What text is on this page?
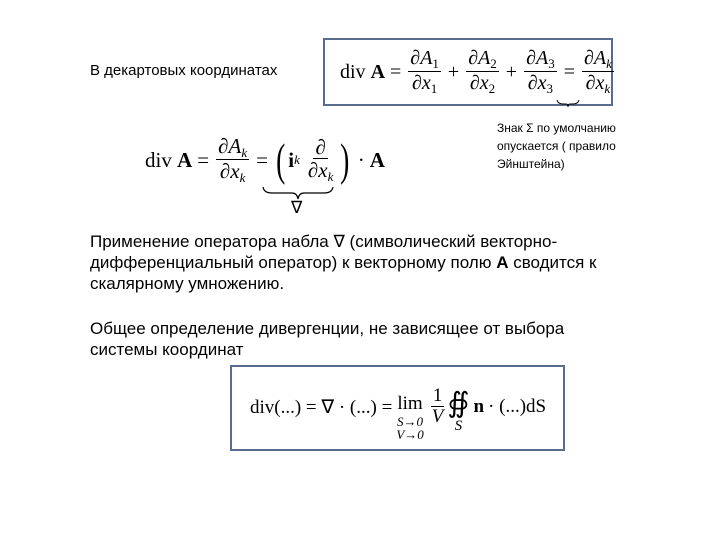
В декартовых координатах	div
$A = \frac{\partial A_1}{\partial x_1} + \frac{\partial A_2}{\partial x_2} + \frac{\partial A_3}{\partial x_3} = \frac{\partial A_k}{\partial x_k}$
div
$A = \frac{\partial A_k}{\partial x_k}$ = ( i k $\frac{\partial}{\partial x_k}$ ) · A
∇
Знак Σ по умолчанию
опускается ( правило
Эйнштейна)
Применение оператора набла ∇ (символический векторно-
дифференциальный оператор) к векторному полю A сводится к
скалярному умножению.
Общее определение дивергенции, не зависящее от выбора
системы координат
div(...) = ∇ · (...) = lim
S→0
V→0
$\frac{1}{V}$ ∯
S
n · (...)dS
